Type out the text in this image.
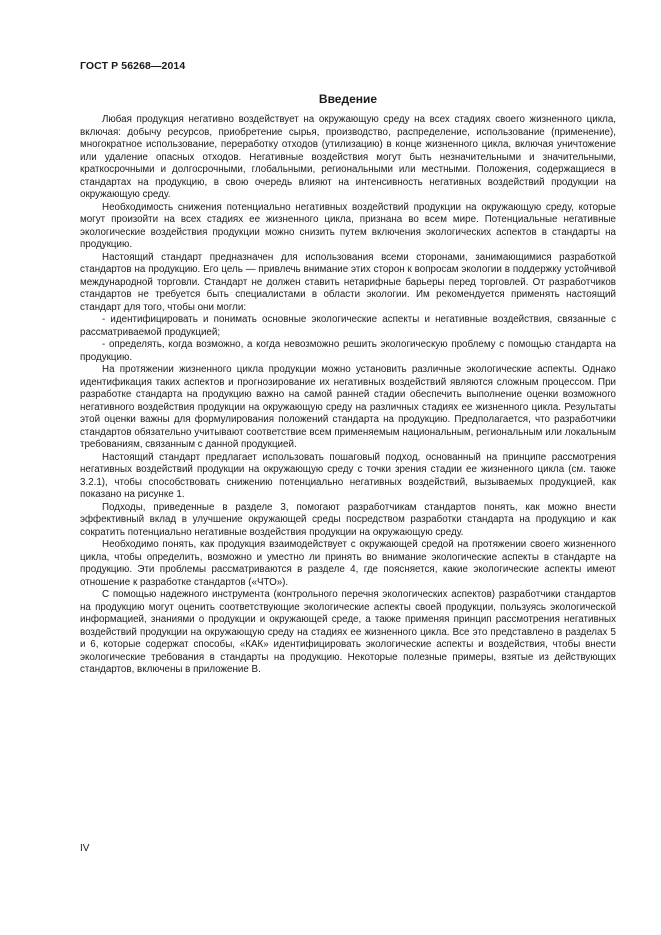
ГОСТ Р 56268—2014
Введение

Любая продукция негативно воздействует на окружающую среду на всех стадиях своего жизненного цикла, включая: добычу ресурсов, приобретение сырья, производство, распределение, использование (применение), многократное использование, переработку отходов (утилизацию) в конце жизненного цикла, включая уничтожение или удаление опасных отходов. Негативные воздействия могут быть незначительными и значительными, краткосрочными и долгосрочными, глобальными, региональными или местными. Положения, содержащиеся в стандартах на продукцию, в свою очередь влияют на интенсивность негативных воздействий продукции на окружающую среду.

Необходимость снижения потенциально негативных воздействий продукции на окружающую среду, которые могут произойти на всех стадиях ее жизненного цикла, признана во всем мире. Потенциальные негативные экологические воздействия продукции можно снизить путем включения экологических аспектов в стандарты на продукцию.

Настоящий стандарт предназначен для использования всеми сторонами, занимающимися разработкой стандартов на продукцию. Его цель — привлечь внимание этих сторон к вопросам экологии в поддержку устойчивой международной торговли. Стандарт не должен ставить нетарифные барьеры перед торговлей. От разработчиков стандартов не требуется быть специалистами в области экологии. Им рекомендуется применять настоящий стандарт для того, чтобы они могли:

- идентифицировать и понимать основные экологические аспекты и негативные воздействия, связанные с рассматриваемой продукцией;

- определять, когда возможно, а когда невозможно решить экологическую проблему с помощью стандарта на продукцию.

На протяжении жизненного цикла продукции можно установить различные экологические аспекты. Однако идентификация таких аспектов и прогнозирование их негативных воздействий являются сложным процессом. При разработке стандарта на продукцию важно на самой ранней стадии обеспечить выполнение оценки возможного негативного воздействия продукции на окружающую среду на различных стадиях ее жизненного цикла. Результаты этой оценки важны для формулирования положений стандарта на продукцию. Предполагается, что разработчики стандартов обязательно учитывают соответствие всем применяемым национальным, региональным или локальным требованиям, связанным с данной продукцией.

Настоящий стандарт предлагает использовать пошаговый подход, основанный на принципе рассмотрения негативных воздействий продукции на окружающую среду с точки зрения стадии ее жизненного цикла (см. также 3.2.1), чтобы способствовать снижению потенциально негативных воздействий, вызываемых продукцией, как показано на рисунке 1.

Подходы, приведенные в разделе 3, помогают разработчикам стандартов понять, как можно внести эффективный вклад в улучшение окружающей среды посредством разработки стандарта на продукцию и как сократить потенциально негативные воздействия продукции на окружающую среду.

Необходимо понять, как продукция взаимодействует с окружающей средой на протяжении своего жизненного цикла, чтобы определить, возможно и уместно ли принять во внимание экологические аспекты в стандарте на продукцию. Эти проблемы рассматриваются в разделе 4, где поясняется, какие экологические аспекты имеют отношение к разработке стандартов («ЧТО»).

С помощью надежного инструмента (контрольного перечня экологических аспектов) разработчики стандартов на продукцию могут оценить соответствующие экологические аспекты своей продукции, пользуясь экологической информацией, знаниями о продукции и окружающей среде, а также применяя принцип рассмотрения негативных воздействий продукции на окружающую среду на стадиях ее жизненного цикла. Все это представлено в разделах 5 и 6, которые содержат способы, «КАК» идентифицировать экологические аспекты и воздействия, чтобы внести экологические требования в стандарты на продукцию. Некоторые полезные примеры, взятые из действующих стандартов, включены в приложение В.

IV
